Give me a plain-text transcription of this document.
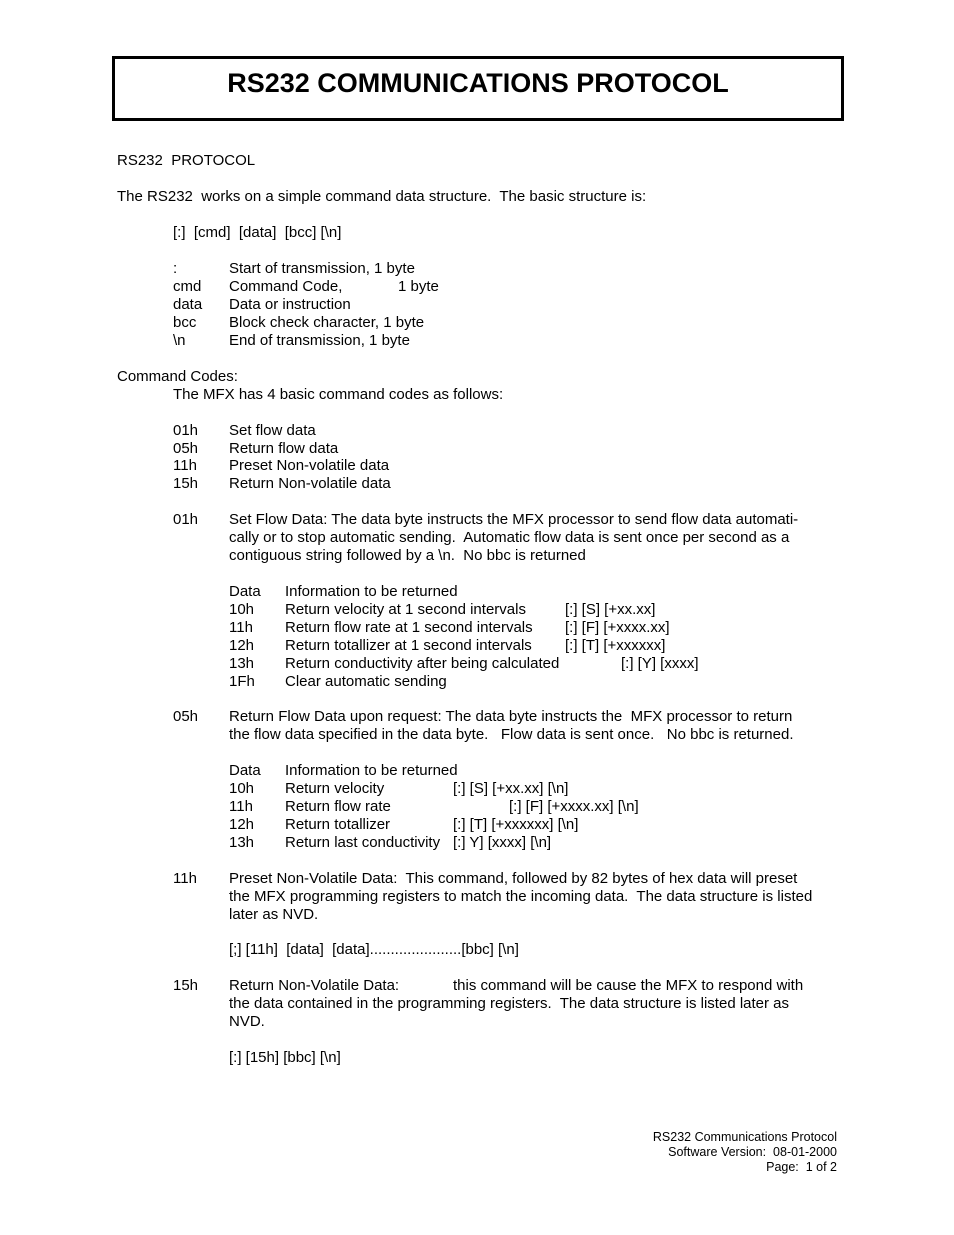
RS232 COMMUNICATIONS PROTOCOL
RS232  PROTOCOL
The RS232  works on a simple command data structure.  The basic structure is:
[:]  [cmd]  [data]  [bcc] [\n]
:	Start of transmission, 1 byte
cmd Command Code,	1 byte
data Data or instruction
bcc Block check character, 1 byte
\n	End of transmission, 1 byte
Command Codes:
The MFX has 4 basic command codes as follows:
01h Set flow data
05h Return flow data
11h Preset Non-volatile data
15h Return Non-volatile data
01h Set Flow Data: The data byte instructs the MFX processor to send flow data automati-
cally or to stop automatic sending.  Automatic flow data is sent once per second as a
contiguous string followed by a \n.  No bbc is returned
Data Information to be returned
10h Return velocity at 1 second intervals	[:] [S] [+xx.xx]
11h Return flow rate at 1 second intervals [:] [F] [+xxxx.xx]
12h Return totallizer at 1 second intervals [:] [T] [+xxxxxx]
13h Return conductivity after being calculated	[:] [Y] [xxxx]
1Fh Clear automatic sending
05h Return Flow Data upon request: The data byte instructs the  MFX processor to return
the flow data specified in the data byte.   Flow data is sent once.   No bbc is returned.
Data Information to be returned
10h Return velocity	[:] [S] [+xx.xx] [\n]
11h Return flow rate	[:] [F] [+xxxx.xx] [\n]
12h Return totallizer	[:] [T] [+xxxxxx] [\n]
13h Return last conductivity [:] Y] [xxxx] [\n]
11h Preset Non-Volatile Data:  This command, followed by 82 bytes of hex data will preset
the MFX programming registers to match the incoming data.  The data structure is listed
later as NVD.
[;] [11h]  [data]  [data]......................[bbc] [\n]
15h Return Non-Volatile Data:	this command will be cause the MFX to respond with
the data contained in the programming registers.  The data structure is listed later as
NVD.
[:] [15h] [bbc] [\n]
RS232 Communications Protocol
Software Version:  08-01-2000
Page:  1 of 2
